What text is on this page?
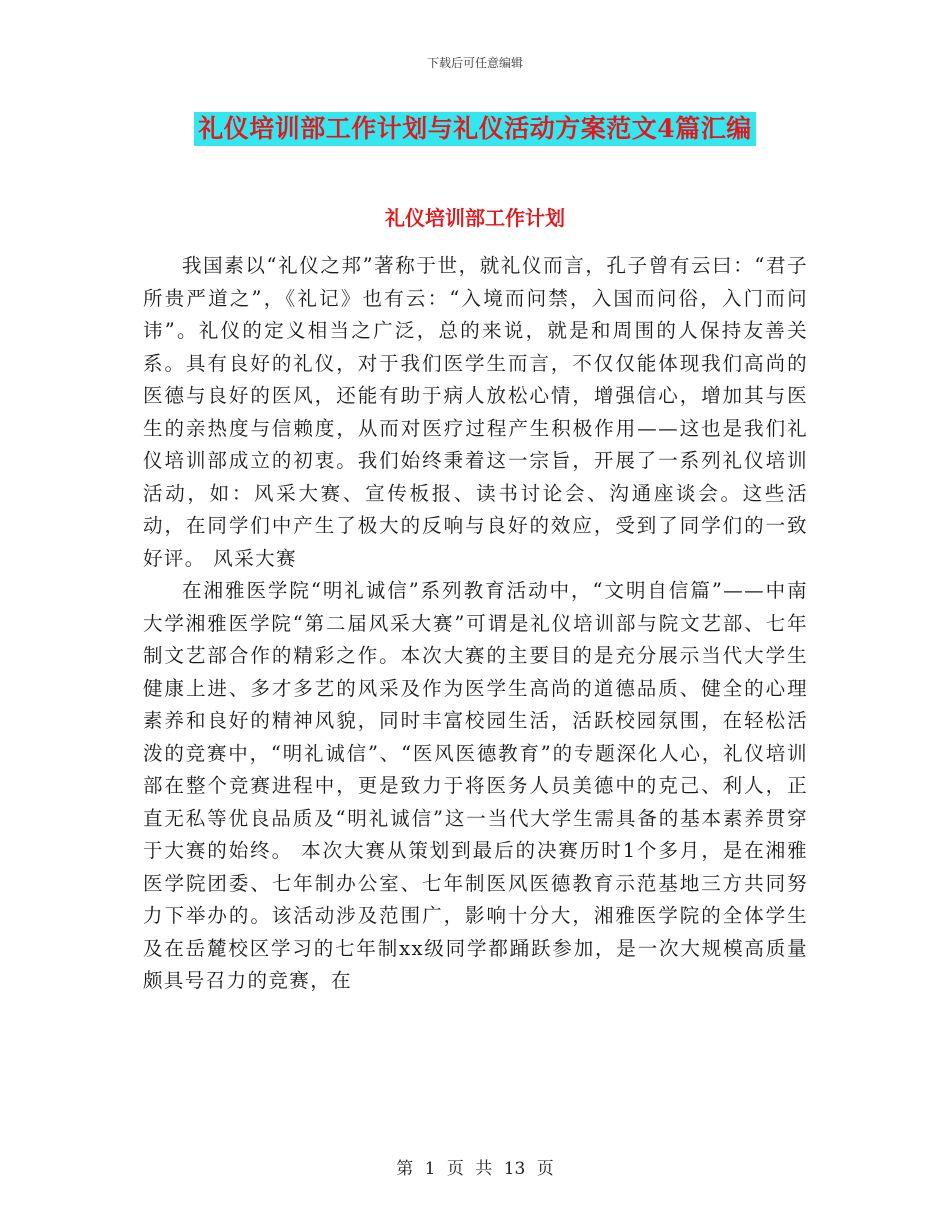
下载后可任意编辑
礼仪培训部工作计划与礼仪活动方案范文4篇汇编
礼仪培训部工作计划

我国素以“礼仪之邦”著称于世，就礼仪而言，孔子曾有云曰：“君子所贵严道之”，《礼记》也有云：“入境而问禁，入国而问俗，入门而问讳”。礼仪的定义相当之广泛，总的来说，就是和周围的人保持友善关系。具有良好的礼仪，对于我们医学生而言，不仅仅能体现我们高尚的医德与良好的医风，还能有助于病人放松心情，增强信心，增加其与医生的亲热度与信赖度，从而对医疗过程产生积极作用——这也是我们礼仪培训部成立的初衷。我们始终秉着这一宗旨，开展了一系列礼仪培训活动，如：风采大赛、宣传板报、读书讨论会、沟通座谈会。这些活动，在同学们中产生了极大的反响与良好的效应，受到了同学们的一致好评。 风采大赛

在湘雅医学院“明礼诚信”系列教育活动中，“文明自信篇”——中南大学湘雅医学院“第二届风采大赛”可谓是礼仪培训部与院文艺部、七年制文艺部合作的精彩之作。本次大赛的主要目的是充分展示当代大学生健康上进、多才多艺的风采及作为医学生高尚的道德品质、健全的心理素养和良好的精神风貌，同时丰富校园生活，活跃校园氛围，在轻松活泼的竞赛中，“明礼诚信”、“医风医德教育”的专题深化人心，礼仪培训部在整个竞赛进程中，更是致力于将医务人员美德中的克己、利人，正直无私等优良品质及“明礼诚信”这一当代大学生需具备的基本素养贯穿于大赛的始终。 本次大赛从策划到最后的决赛历时1个多月，是在湘雅医学院团委、七年制办公室、七年制医风医德教育示范基地三方共同努力下举办的。该活动涉及范围广，影响十分大，湘雅医学院的全体学生及在岳麓校区学习的七年制xx级同学都踊跃参加，是一次大规模高质量颇具号召力的竞赛，在

第 1 页 共 13 页
